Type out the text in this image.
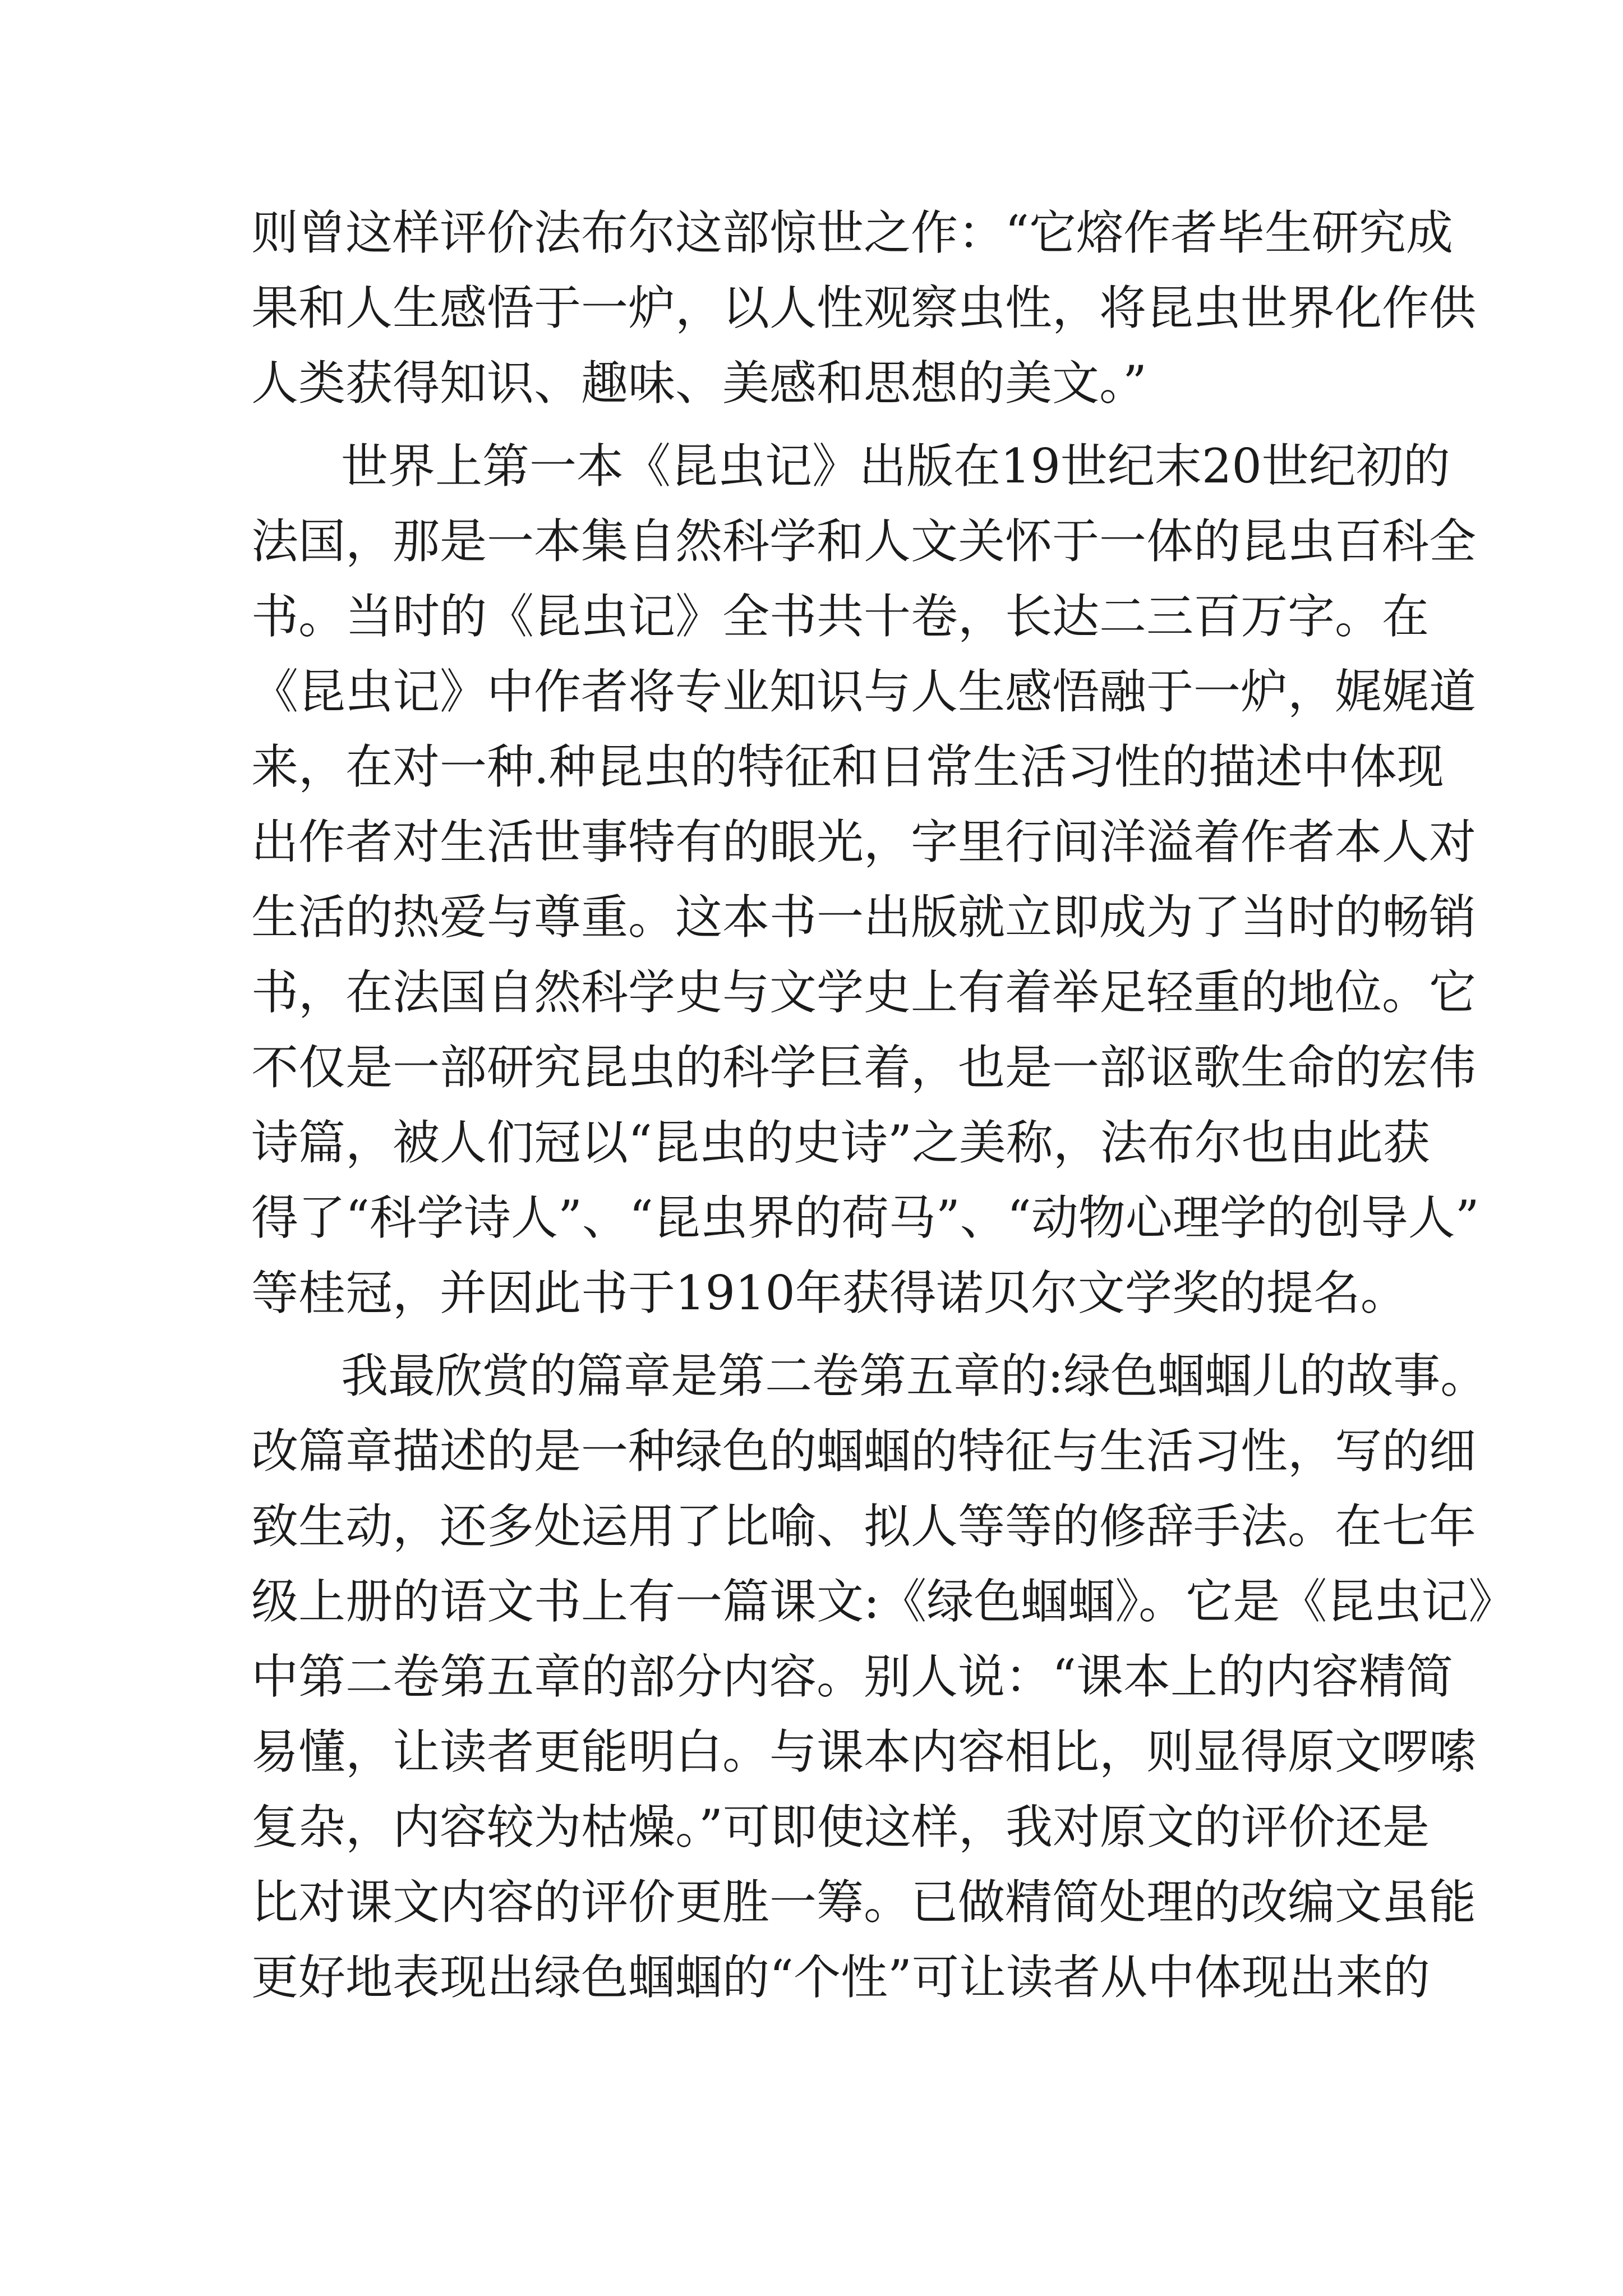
则曾这样评价法布尔这部惊世之作：“它熔作者毕生研究成
果和人生感悟于一炉，以人性观察虫性，将昆虫世界化作供
人类获得知识、趣味、美感和思想的美文。”
世界上第一本《昆虫记》出版在19世纪末20世纪初的
法国，那是一本集自然科学和人文关怀于一体的昆虫百科全
书。当时的《昆虫记》全书共十卷，长达二三百万字。在
《昆虫记》中作者将专业知识与人生感悟融于一炉，娓娓道
来，在对一种.种昆虫的特征和日常生活习性的描述中体现
出作者对生活世事特有的眼光，字里行间洋溢着作者本人对
生活的热爱与尊重。这本书一出版就立即成为了当时的畅销
书，在法国自然科学史与文学史上有着举足轻重的地位。它
不仅是一部研究昆虫的科学巨着，也是一部讴歌生命的宏伟
诗篇，被人们冠以“昆虫的史诗”之美称，法布尔也由此获
得了“科学诗人”、“昆虫界的荷马”、“动物心理学的创导人”
等桂冠，并因此书于1910年获得诺贝尔文学奖的提名。
我最欣赏的篇章是第二卷第五章的:绿色蝈蝈儿的故事。
改篇章描述的是一种绿色的蝈蝈的特征与生活习性，写的细
致生动，还多处运用了比喻、拟人等等的修辞手法。在七年
级上册的语文书上有一篇课文:《绿色蝈蝈》。它是《昆虫记》
中第二卷第五章的部分内容。别人说：“课本上的内容精简
易懂，让读者更能明白。与课本内容相比，则显得原文啰嗦
复杂，内容较为枯燥。”可即使这样，我对原文的评价还是
比对课文内容的评价更胜一筹。已做精简处理的改编文虽能
更好地表现出绿色蝈蝈的“个性”可让读者从中体现出来的
